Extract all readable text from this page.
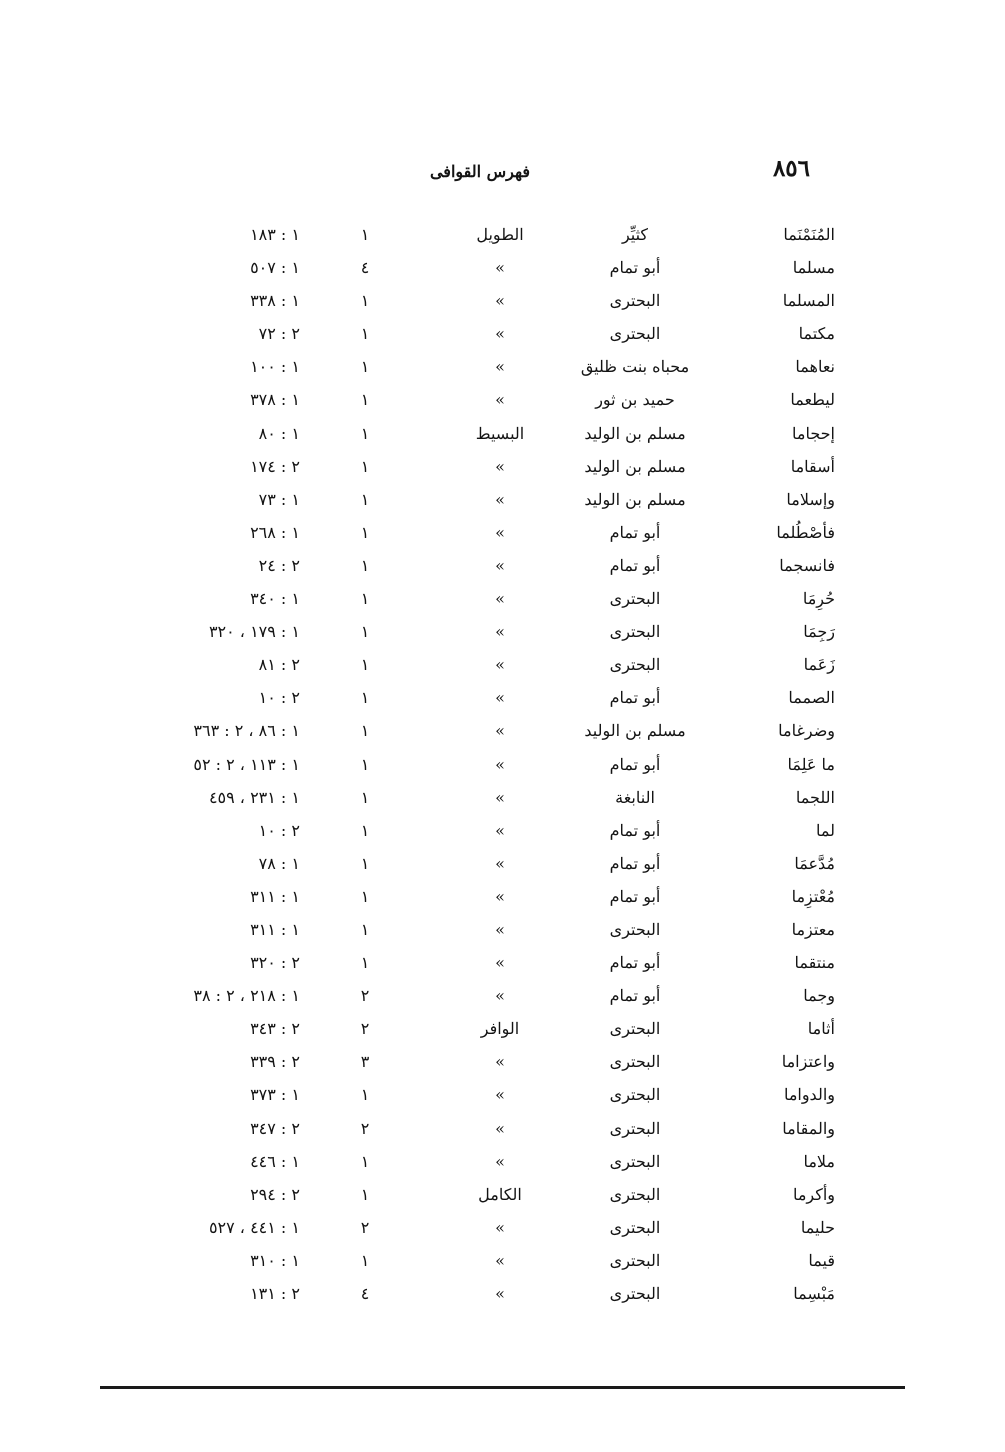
٨٥٦
فهرس القوافى
المُنَمْنَما
كثيِّر
الطويل
١
١ : ١٨٣
مسلما
أبو تمام
»
٤
١ : ٥٠٧
المسلما
البحترى
»
١
١ : ٣٣٨
مكتما
البحترى
»
١
٢ : ٧٢
نعاهما
محباه بنت ظليق
»
١
١ : ١٠٠
ليطعما
حميد بن ثور
»
١
١ : ٣٧٨
إحجاما
مسلم بن الوليد
البسيط
١
١ : ٨٠
أسقاما
مسلم بن الوليد
»
١
٢ : ١٧٤
وإسلاما
مسلم بن الوليد
»
١
١ : ٧٣
فأصْطُلما
أبو تمام
»
١
١ : ٢٦٨
فانسجما
أبو تمام
»
١
٢ : ٢٤
حُرِمَا
البحترى
»
١
١ : ٣٤٠
رَجِمَا
البحترى
»
١
١ : ١٧٩ ، ٣٢٠
زَعَما
البحترى
»
١
٢ : ٨١
الصمما
أبو تمام
»
١
٢ : ١٠
وضرغاما
مسلم بن الوليد
»
١
١ : ٨٦ ، ٢ : ٣٦٣
ما عَلِمَا
أبو تمام
»
١
١ : ١١٣ ، ٢ : ٥٢
اللجما
النابغة
»
١
١ : ٢٣١ ، ٤٥٩
لما
أبو تمام
»
١
٢ : ١٠
مُدَّعمَا
أبو تمام
»
١
١ : ٧٨
مُعْتزِما
أبو تمام
»
١
١ : ٣١١
معتزما
البحترى
»
١
١ : ٣١١
منتقما
أبو تمام
»
١
٢ : ٣٢٠
وجما
أبو تمام
»
٢
١ : ٢١٨ ، ٢ : ٣٨
أثاما
البحترى
الوافر
٢
٢ : ٣٤٣
واعتزاما
البحترى
»
٣
٢ : ٣٣٩
والدواما
البحترى
»
١
١ : ٣٧٣
والمقاما
البحترى
»
٢
٢ : ٣٤٧
ملاما
البحترى
»
١
١ : ٤٤٦
وأكرما
البحترى
الكامل
١
٢ : ٢٩٤
حليما
البحترى
»
٢
١ : ٤٤١ ، ٥٢٧
قيما
البحترى
»
١
١ : ٣١٠
مَبْسِما
البحترى
»
٤
٢ : ١٣١
